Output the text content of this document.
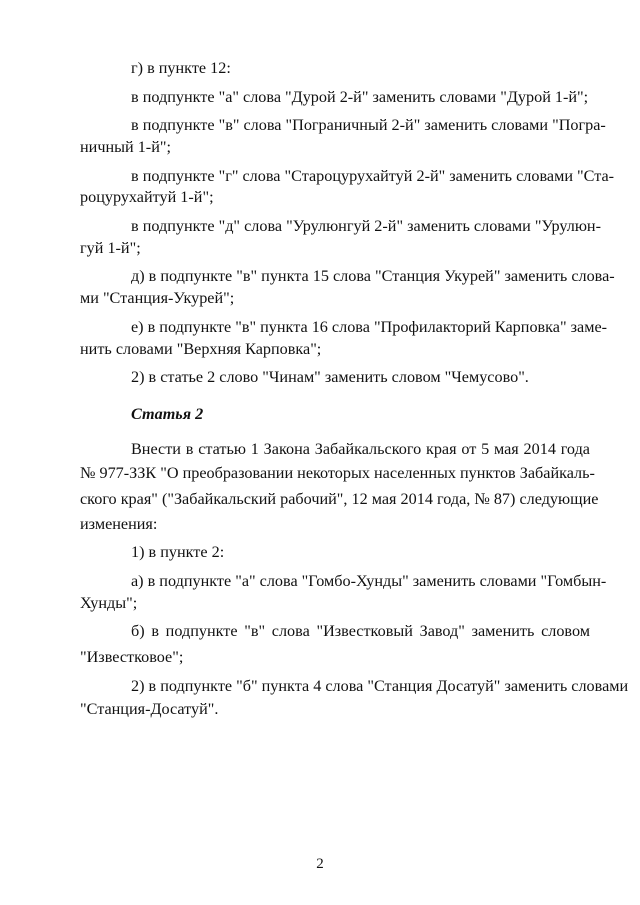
г) в пункте 12:
в подпункте "а" слова "Дурой 2-й" заменить словами "Дурой 1-й";
в подпункте "в" слова "Пограничный 2-й" заменить словами "Погра-
ничный 1-й";
в подпункте "г" слова "Староцурухайтуй 2-й" заменить словами "Ста-
роцурухайтуй 1-й";
в подпункте "д" слова "Урулюнгуй 2-й" заменить словами "Урулюн-
гуй 1-й";
д) в подпункте "в" пункта 15 слова "Станция Укурей" заменить слова-
ми "Станция-Укурей";
е) в подпункте "в" пункта 16 слова "Профилакторий Карповка" заме-
нить словами "Верхняя Карповка";
2) в статье 2 слово "Чинам" заменить словом "Чемусово".
Статья 2
Внести в статью 1 Закона Забайкальского края от 5 мая 2014 года
№ 977-ЗЗК "О преобразовании некоторых населенных пунктов Забайкаль-
ского края" ("Забайкальский рабочий", 12 мая 2014 года, № 87) следующие
изменения:
1) в пункте 2:
а) в подпункте "а" слова "Гомбо-Хунды" заменить словами "Гомбын-
Хунды";
б) в подпункте "в" слова "Известковый Завод" заменить словом
"Известковое";
2) в подпункте "б" пункта 4 слова "Станция Досатуй" заменить словами
"Станция-Досатуй".
2
